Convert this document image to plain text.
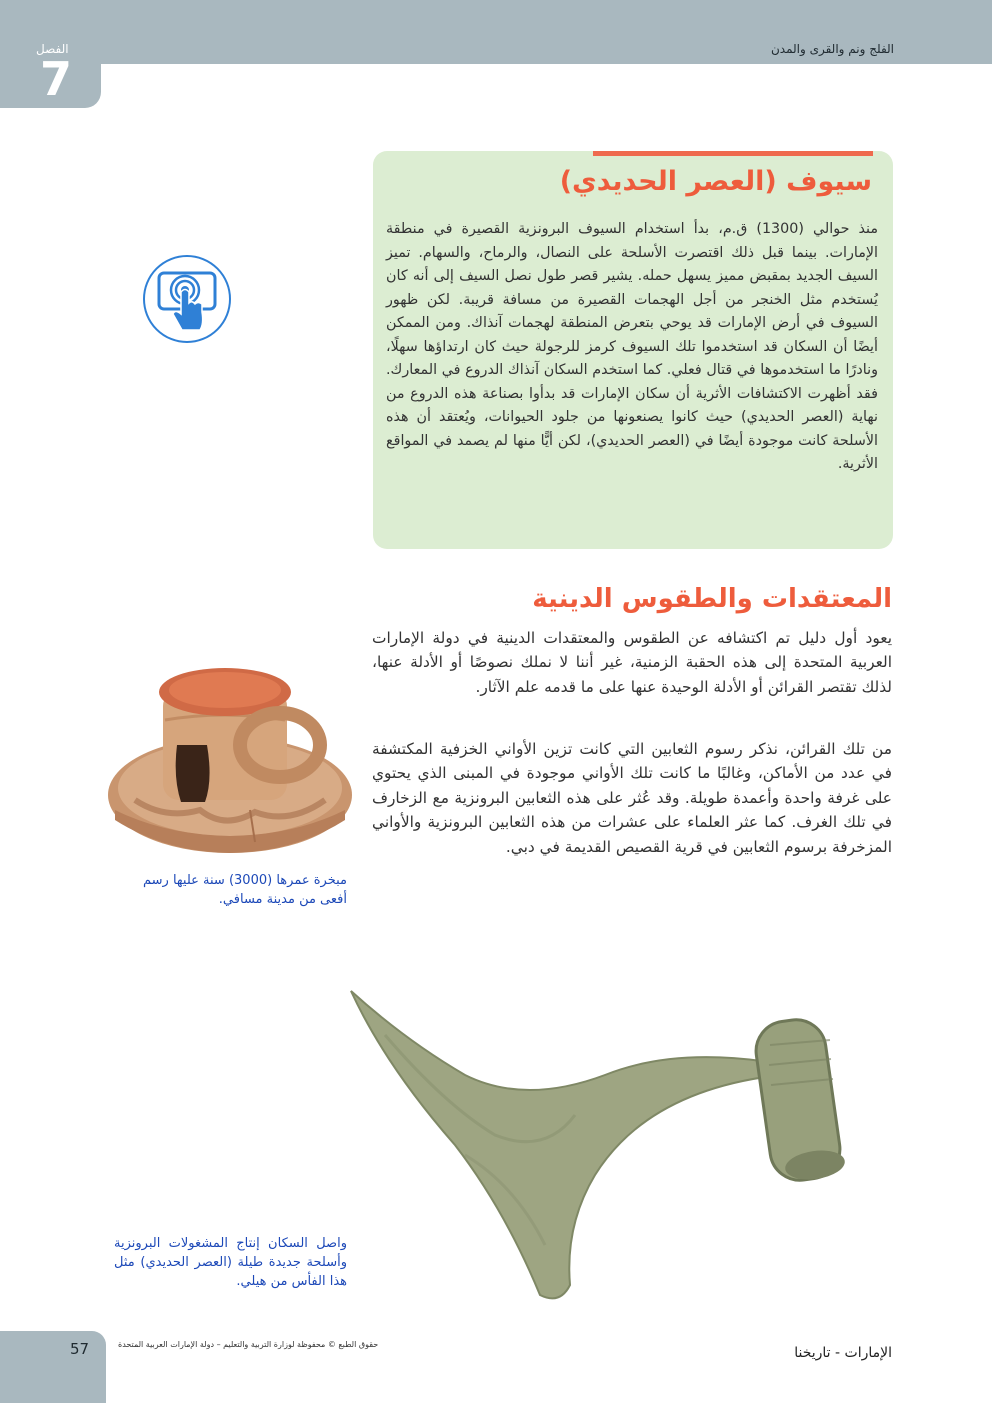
الفلج ونم والقرى والمدن
الفصل
7
سيوف (العصر الحديدي)

منذ حوالي (1300) ق.م، بدأ استخدام السيوف البرونزية القصيرة في منطقة الإمارات. بينما قبل ذلك اقتصرت الأسلحة على النصال، والرماح، والسهام. تميز السيف الجديد بمقبض مميز يسهل حمله. يشير قصر طول نصل السيف إلى أنه كان يُستخدم مثل الخنجر من أجل الهجمات القصيرة من مسافة قريبة. لكن ظهور السيوف في أرض الإمارات قد يوحي بتعرض المنطقة لهجمات آنذاك. ومن الممكن أيضًا أن السكان قد استخدموا تلك السيوف كرمز للرجولة حيث كان ارتداؤها سهلًا، ونادرًا ما استخدموها في قتال فعلي. كما استخدم السكان آنذاك الدروع في المعارك. فقد أظهرت الاكتشافات الأثرية أن سكان الإمارات قد بدأوا بصناعة هذه الدروع من نهاية (العصر الحديدي) حيث كانوا يصنعونها من جلود الحيوانات، ويُعتقد أن هذه الأسلحة كانت موجودة أيضًا في (العصر الحديدي)، لكن أيًّا منها لم يصمد في المواقع الأثرية.

المعتقدات والطقوس الدينية

يعود أول دليل تم اكتشافه عن الطقوس والمعتقدات الدينية في دولة الإمارات العربية المتحدة إلى هذه الحقبة الزمنية، غير أننا لا نملك نصوصًا أو الأدلة عنها، لذلك تقتصر القرائن أو الأدلة الوحيدة عنها على ما قدمه علم الآثار.

من تلك القرائن، نذكر رسوم الثعابين التي كانت تزين الأواني الخزفية المكتشفة في عدد من الأماكن، وغالبًا ما كانت تلك الأواني موجودة في المبنى الذي يحتوي على غرفة واحدة وأعمدة طويلة. وقد عُثر على هذه الثعابين البرونزية مع الزخارف في تلك الغرف. كما عثر العلماء على عشرات من هذه الثعابين البرونزية والأواني المزخرفة برسوم الثعابين في قرية القصيص القديمة في دبي.

مبخرة عمرها (3000) سنة عليها رسم أفعى من مدينة مسافي.

واصل السكان إنتاج المشغولات البرونزية وأسلحة جديدة طيلة (العصر الحديدي) مثل هذا الفأس من هيلي.

57	حقوق الطبع © محفوظة لوزارة التربية والتعليم – دولة الإمارات العربية المتحدة
الإمارات - تاريخنا
